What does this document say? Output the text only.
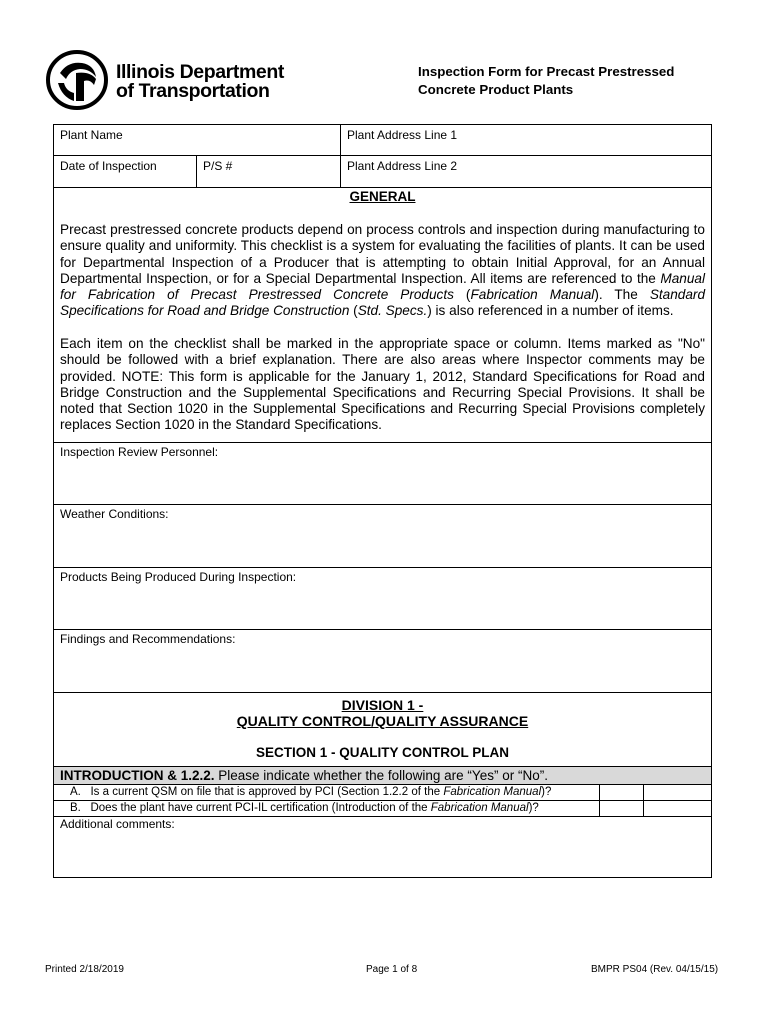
Illinois Department
of Transportation
Inspection Form for Precast Prestressed
Concrete Product Plants
Plant Name	Plant Address Line 1
Date of Inspection	P/S #	Plant Address Line 2
GENERAL
Precast prestressed concrete products depend on process controls and inspection during manufacturing to ensure quality and uniformity. This checklist is a system for evaluating the facilities of plants. It can be used for Departmental Inspection of a Producer that is attempting to obtain Initial Approval, for an Annual Departmental Inspection, or for a Special Departmental Inspection. All items are referenced to the Manual for Fabrication of Precast Prestressed Concrete Products (Fabrication Manual). The Standard Specifications for Road and Bridge Construction (Std. Specs.) is also referenced in a number of items.
Each item on the checklist shall be marked in the appropriate space or column. Items marked as "No" should be followed with a brief explanation. There are also areas where Inspector comments may be provided. NOTE: This form is applicable for the January 1, 2012, Standard Specifications for Road and Bridge Construction and the Supplemental Specifications and Recurring Special Provisions. It shall be noted that Section 1020 in the Supplemental Specifications and Recurring Special Provisions completely replaces Section 1020 in the Standard Specifications.
Inspection Review Personnel:
Weather Conditions:
Products Being Produced During Inspection:
Findings and Recommendations:
DIVISION 1 -
QUALITY CONTROL/QUALITY ASSURANCE
SECTION 1 - QUALITY CONTROL PLAN
INTRODUCTION & 1.2.2. Please indicate whether the following are “Yes” or “No”.
A. Is a current QSM on file that is approved by PCI (Section 1.2.2 of the Fabrication Manual)?
B. Does the plant have current PCI-IL certification (Introduction of the Fabrication Manual)?
Additional comments:
Printed 2/18/2019	Page 1 of 8	BMPR PS04 (Rev. 04/15/15)
